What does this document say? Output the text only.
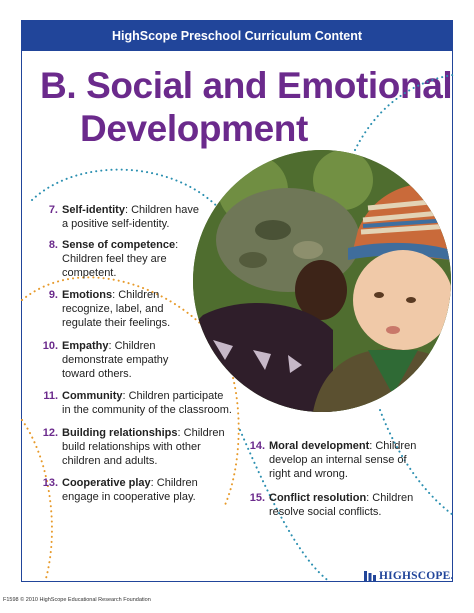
HighScope Preschool Curriculum Content
B. Social and Emotional
Development
7. Self-identity: Children have
a positive self-identity.
8. Sense of competence:
Children feel they are
competent.
9. Emotions: Children
recognize, label, and
regulate their feelings.
10. Empathy: Children
demonstrate empathy
toward others.
11. Community: Children participate
in the community of the classroom.
12. Building relationships: Children
build relationships with other
children and adults.
13. Cooperative play: Children
engage in cooperative play.
14. Moral development: Children
develop an internal sense of
right and wrong.
15. Conflict resolution: Children
resolve social conflicts.
HIGHSCOPE.
F1598 © 2010 HighScope Educational Research Foundation
